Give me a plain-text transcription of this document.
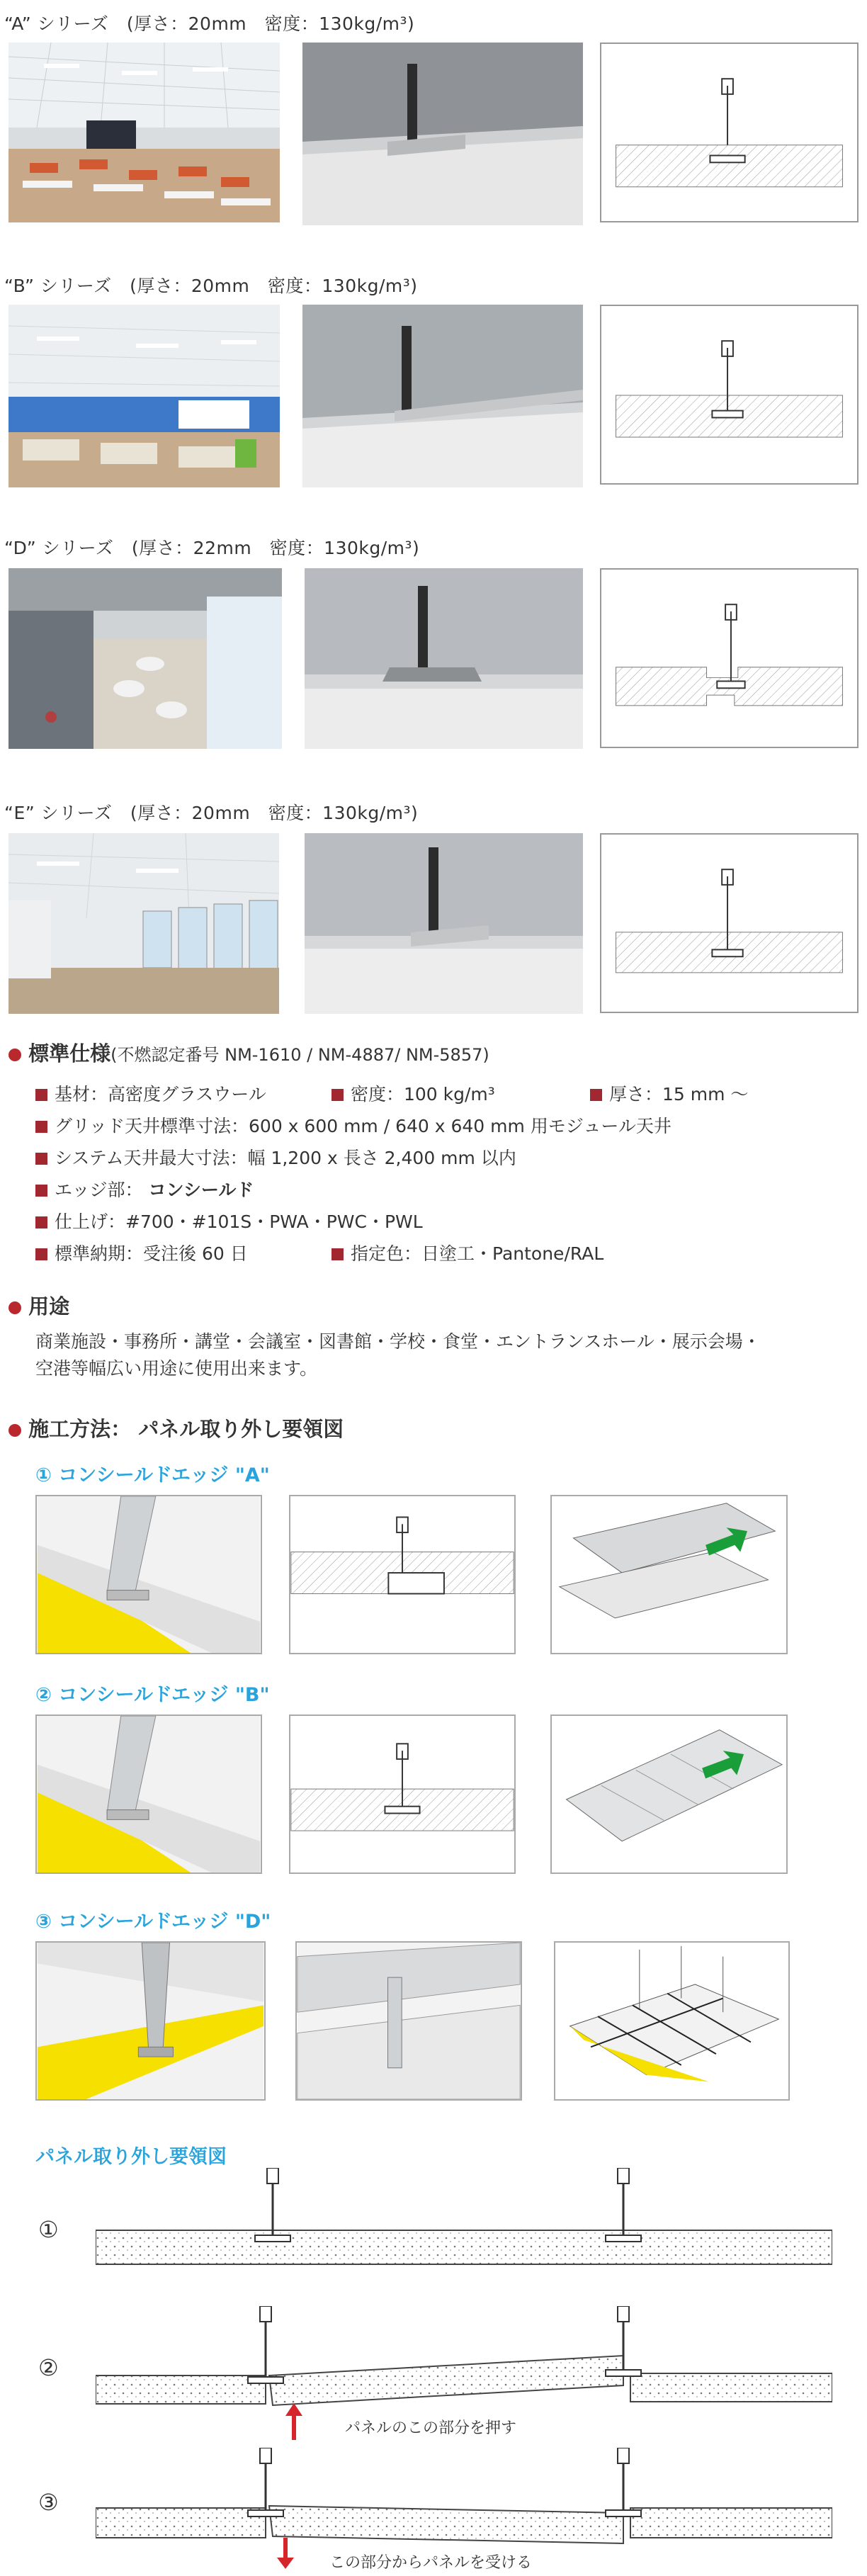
“A” シリーズ　(厚さ：20mm　密度：130kg/m³)
“B” シリーズ　(厚さ：20mm　密度：130kg/m³)
“D” シリーズ　(厚さ：22mm　密度：130kg/m³)
“E” シリーズ　(厚さ：20mm　密度：130kg/m³)
標準仕様(不燃認定番号 NM-1610 / NM-4887/ NM-5857)
基材：高密度グラスウール	密度：100 kg/m³	厚さ：15 mm 〜
グリッド天井標準寸法：600 x 600 mm / 640 x 640 mm 用モジュール天井
システム天井最大寸法：幅 1,200 x 長さ 2,400 mm 以内
エッジ部： コンシールド
仕上げ：#700・#101S・PWA・PWC・PWL
標準納期：受注後 60 日	指定色：日塗工・Pantone/RAL
用途
商業施設・事務所・講堂・会議室・図書館・学校・食堂・エントランスホール・展示会場・
空港等幅広い用途に使用出来ます。
施工方法： パネル取り外し要領図
① コンシールドエッジ "A"
② コンシールドエッジ "B"
③ コンシールドエッジ "D"
パネル取り外し要領図
①
②
パネルのこの部分を押す
③
この部分からパネルを受ける
